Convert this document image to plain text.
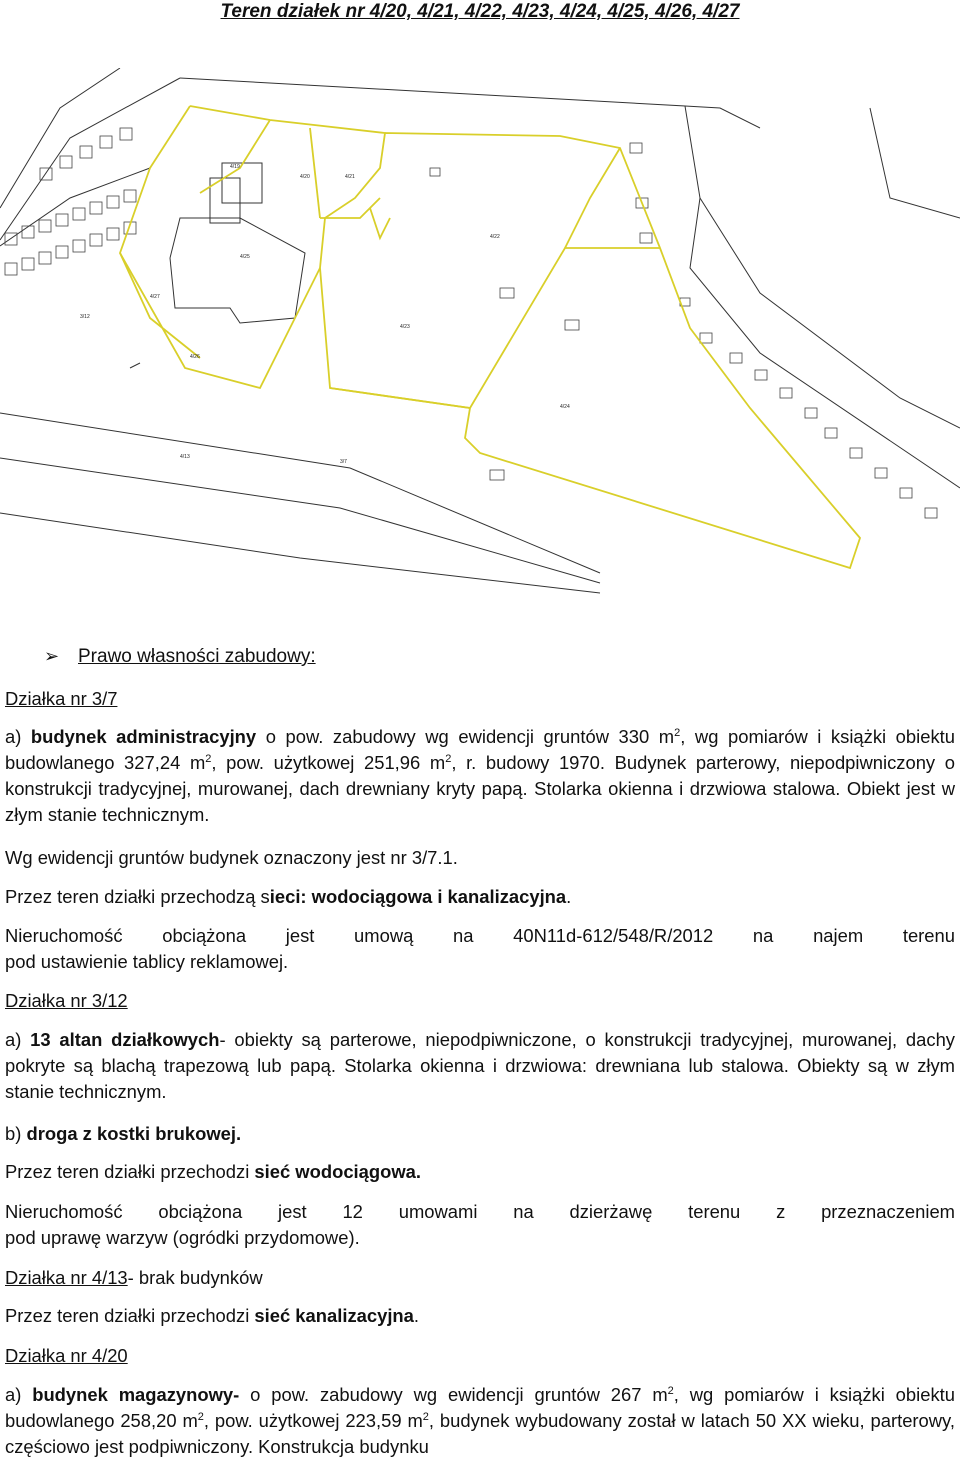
Teren działek nr 4/20, 4/21, 4/22, 4/23, 4/24, 4/25, 4/26, 4/27
4/19
4/20	4/21
4/22
4/23
4/24
4/25
4/26
4/27
3/7
3/12
4/13
➢ Prawo własności zabudowy:
Działka nr 3/7
a) budynek administracyjny o pow. zabudowy wg ewidencji gruntów 330 $m^2$, wg pomiarów i książki obiektu budowlanego 327,24 $m^2$, pow. użytkowej 251,96 $m^2$, r. budowy 1970. Budynek parterowy, niepodpiwniczony o konstrukcji tradycyjnej, murowanej, dach drewniany kryty papą. Stolarka okienna i drzwiowa stalowa. Obiekt jest w złym stanie technicznym.
Wg ewidencji gruntów budynek oznaczony jest nr 3/7.1.
Przez teren działki przechodzą sieci: wodociągowa i kanalizacyjna.
Nieruchomość obciążona jest umową na 40N11d-612/548/R/2012 na najem terenu
pod ustawienie tablicy reklamowej.
Działka nr 3/12
a) 13 altan działkowych- obiekty są parterowe, niepodpiwniczone, o konstrukcji tradycyjnej, murowanej, dachy pokryte są blachą trapezową lub papą. Stolarka okienna i drzwiowa: drewniana lub stalowa. Obiekty są w złym stanie technicznym.
b) droga z kostki brukowej.
Przez teren działki przechodzi sieć wodociągowa.
Nieruchomość obciążona jest 12 umowami na dzierżawę terenu z przeznaczeniem
pod uprawę warzyw (ogródki przydomowe).
Działka nr 4/13- brak budynków
Przez teren działki przechodzi sieć kanalizacyjna.
Działka nr 4/20
a) budynek magazynowy- o pow. zabudowy wg ewidencji gruntów 267 $m^2$, wg pomiarów i książki obiektu budowlanego 258,20 $m^2$, pow. użytkowej 223,59 $m^2$, budynek wybudowany został w latach 50 XX wieku, parterowy, częściowo jest podpiwniczony. Konstrukcja budynku
